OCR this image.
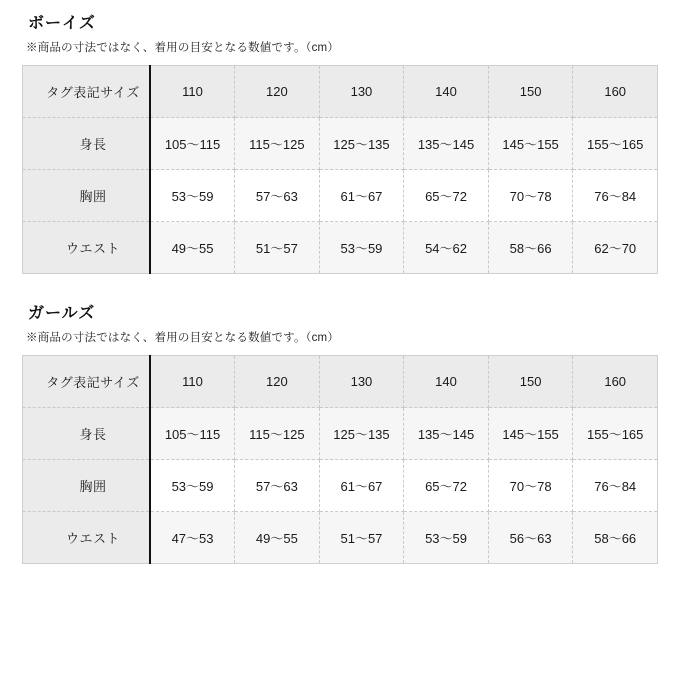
ボーイズ
※商品の寸法ではなく、着用の目安となる数値です。（cm）
タグ表記サイズ	110	120	130	140	150	160
身長	105〜115	115〜125	125〜135	135〜145	145〜155	155〜165
胸囲	53〜59	57〜63	61〜67	65〜72	70〜78	76〜84
ウエスト	49〜55	51〜57	53〜59	54〜62	58〜66	62〜70
ガールズ
※商品の寸法ではなく、着用の目安となる数値です。（cm）
タグ表記サイズ	110	120	130	140	150	160
身長	105〜115	115〜125	125〜135	135〜145	145〜155	155〜165
胸囲	53〜59	57〜63	61〜67	65〜72	70〜78	76〜84
ウエスト	47〜53	49〜55	51〜57	53〜59	56〜63	58〜66
